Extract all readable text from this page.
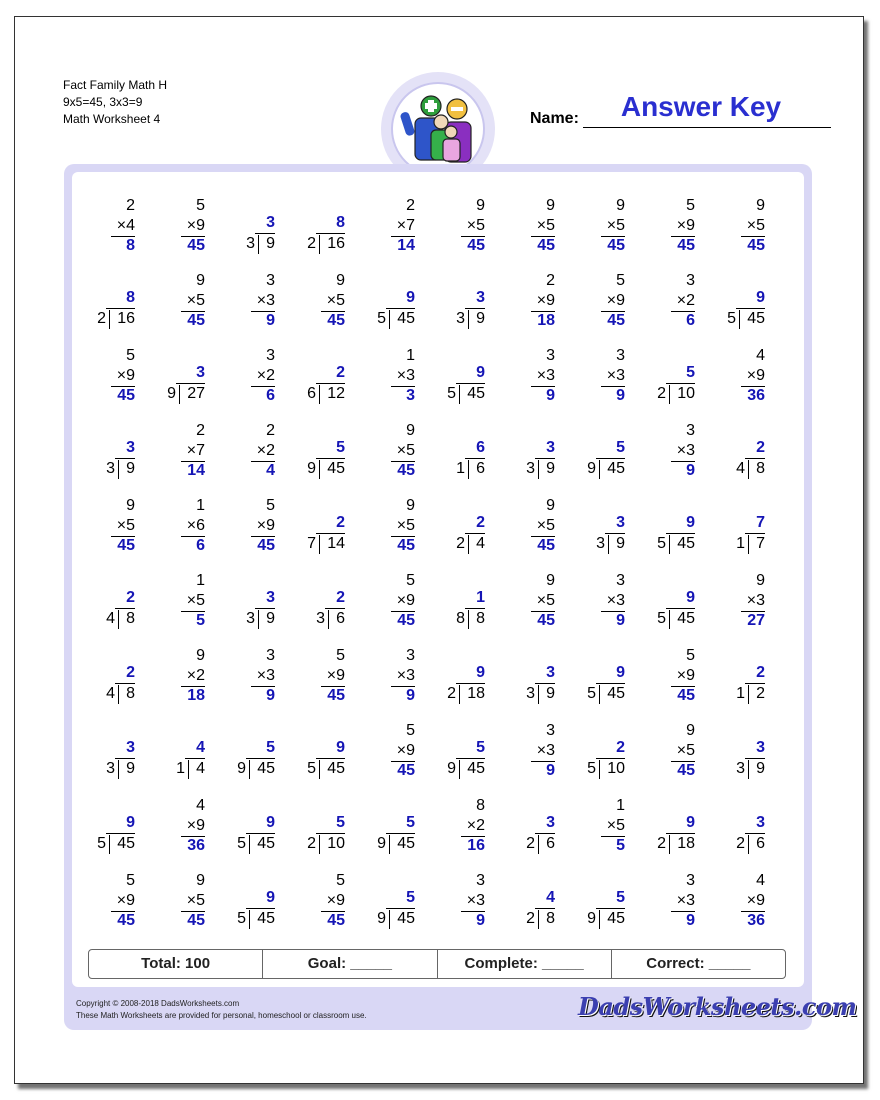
Fact Family Math H
9x5=45, 3x3=9
Math Worksheet 4	Answer Key
Name:
2
×4
8
5
×9
45
3
9
3
8
16
2
2
×7
14
9
×5
45
9
×5
45
9
×5
45
5
×9
45
9
×5
45
8
16
2
9
×5
45
3
×3
9
9
×5
45
9
45
5
3
9
3
2
×9
18
5
×9
45
3
×2
6
9
45
5
5
×9
45
3
27
9
3
×2
6
2
12
6
1
×3
3
9
45
5
3
×3
9
3
×3
9
5
10
2
4
×9
36
3
9
3
2
×7
14
2
×2
4
5
45
9
9
×5
45
6
6
1
3
9
3
5
45
9
3
×3
9
2
8
4
9
×5
45
1
×6
6
5
×9
45
2
14
7
9
×5
45
2
4
2
9
×5
45
3
9
3
9
45
5
7
7
1
2
8
4
1
×5
5
3
9
3
2
6
3
5
×9
45
1
8
8
9
×5
45
3
×3
9
9
45
5
9
×3
27
2
8
4
9
×2
18
3
×3
9
5
×9
45
3
×3
9
9
18
2
3
9
3
9
45
5
5
×9
45
2
2
1
3
9
3
4
4
1
5
45
9
9
45
5
5
×9
45
5
45
9
3
×3
9
2
10
5
9
×5
45
3
9
3
9
45
5
4
×9
36
9
45
5
5
10
2
5
45
9
8
×2
16
3
6
2
1
×5
5
9
18
2
3
6
2
5
×9
45
9
×5
45
9
45
5
5
×9
45
5
45
9
3
×3
9
4
8
2
5
45
9
3
×3
9
4
×9
36
Total: 100	Goal: _____	Complete: _____	Correct: _____
Copyright © 2008-2018 DadsWorksheets.com
These Math Worksheets are provided for personal, homeschool or classroom use.	DadsWorksheets.com
